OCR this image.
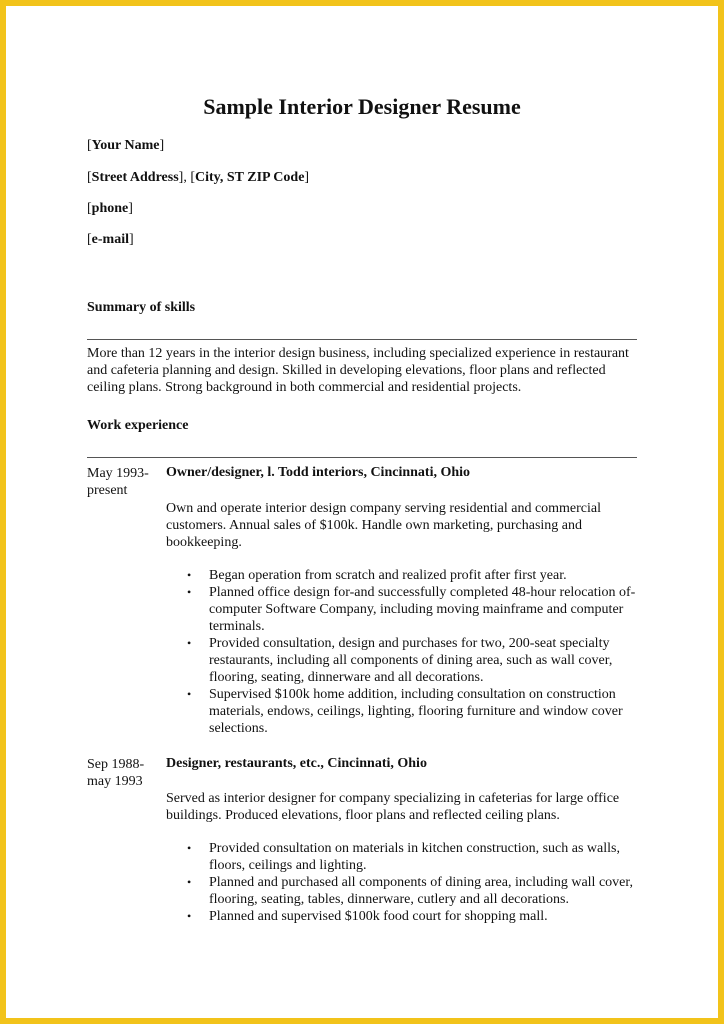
Sample Interior Designer Resume
[Your Name]
[Street Address], [City, ST ZIP Code]
[phone]
[e-mail]
Summary of skills
More than 12 years in the interior design business, including specialized experience in restaurant and cafeteria planning and design. Skilled in developing elevations, floor plans and reflected ceiling plans. Strong background in both commercial and residential projects.
Work experience
May 1993-
present
Owner/designer, l. Todd interiors, Cincinnati, Ohio
Own and operate interior design company serving residential and commercial customers. Annual sales of $100k. Handle own marketing, purchasing and bookkeeping.
• Began operation from scratch and realized profit after first year.
• Planned office design for-and successfully completed 48-hour relocation of-computer Software Company, including moving mainframe and computer terminals.
• Provided consultation, design and purchases for two, 200-seat specialty restaurants, including all components of dining area, such as wall cover, flooring, seating, dinnerware and all decorations.
• Supervised $100k home addition, including consultation on construction materials, endows, ceilings, lighting, flooring furniture and window cover selections.
Sep 1988-
may 1993
Designer, restaurants, etc., Cincinnati, Ohio
Served as interior designer for company specializing in cafeterias for large office buildings. Produced elevations, floor plans and reflected ceiling plans.
• Provided consultation on materials in kitchen construction, such as walls, floors, ceilings and lighting.
• Planned and purchased all components of dining area, including wall cover, flooring, seating, tables, dinnerware, cutlery and all decorations.
• Planned and supervised $100k food court for shopping mall.
